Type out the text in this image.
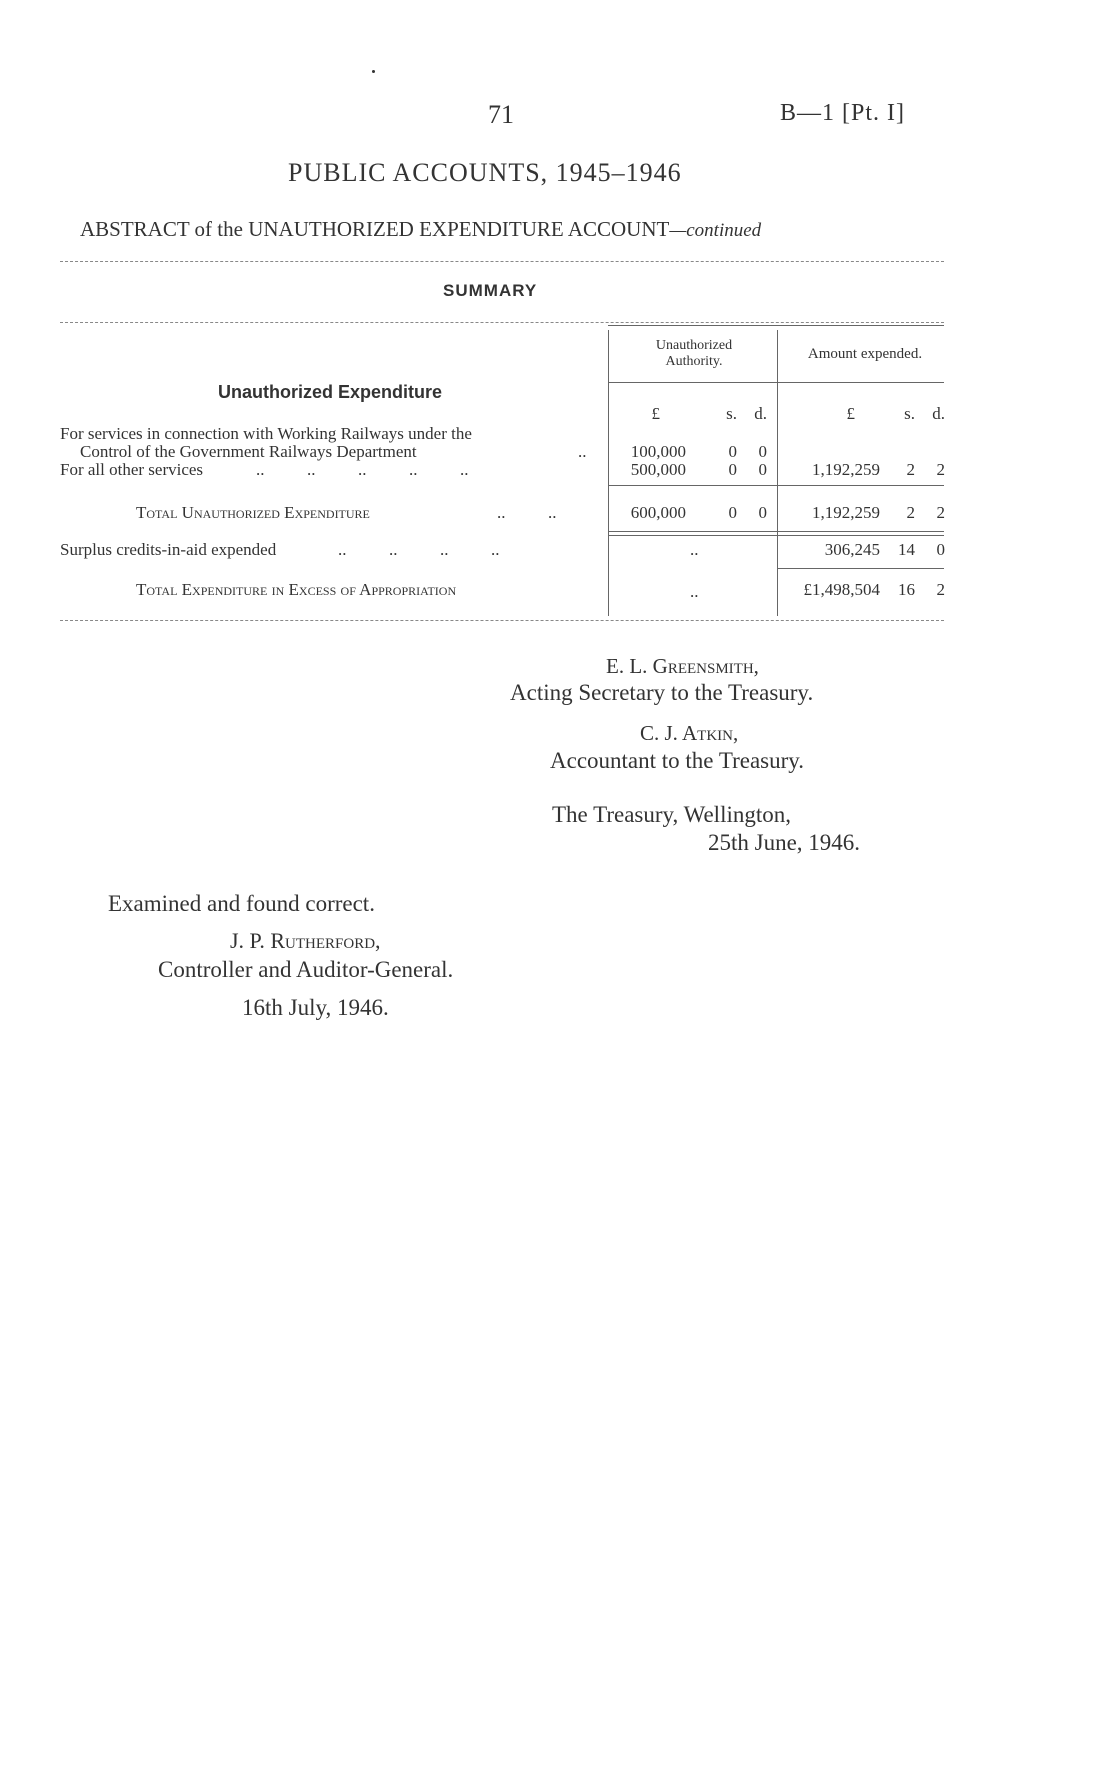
71	B—1 [Pt. I]
PUBLIC ACCOUNTS, 1945–1946
ABSTRACT of the UNAUTHORIZED EXPENDITURE ACCOUNT—continued
SUMMARY
Unauthorized Authority.	Amount expended.
Unauthorized Expenditure
£	s.	d.	£	s.	d.
For services in connection with Working Railways under the
Control of the Government Railways Department	..	100,000	0	0
For all other services	..          ..          ..          ..          ..	500,000	0	0	1,192,259	2	2
Total Unauthorized Expenditure	..          ..	600,000	0	0	1,192,259	2	2
Surplus credits-in-aid expended	..          ..          ..          ..	..	306,245 14	0
Total Expenditure in Excess of Appropriation	..	£1,498,504 16	2
E. L. Greensmith,
Acting Secretary to the Treasury.
C. J. Atkin,
Accountant to the Treasury.
The Treasury, Wellington,
25th June, 1946.
Examined and found correct.
J. P. Rutherford,
Controller and Auditor-General.
16th July, 1946.
